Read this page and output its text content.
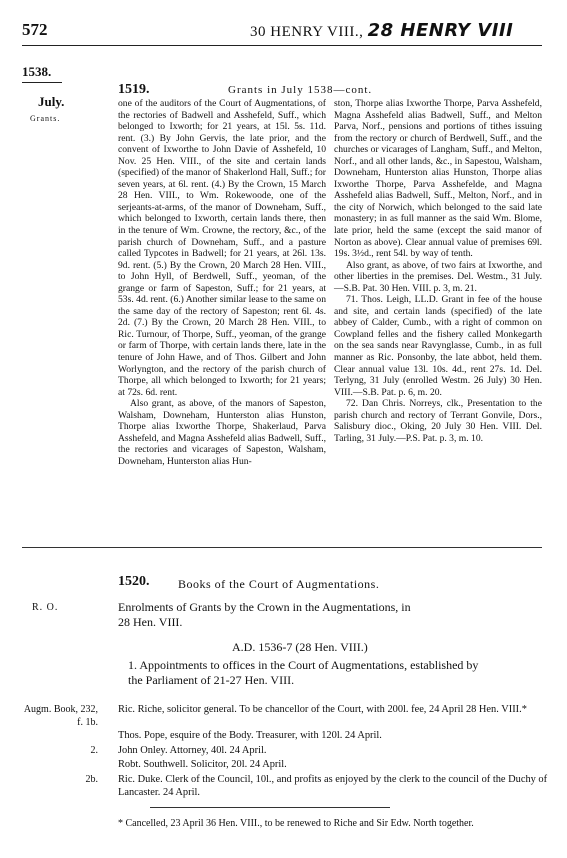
572	30 HENRY VIII., 28 HENRY VIII
1538.
July.
Grants.
1519.	Grants in July 1538—cont.

one of the auditors of the Court of Augmentations, of the rectories of Badwell and Asshefeld, Suff., which belonged to Ixworth; for 21 years, at 15l. 5s. 11d. rent. (3.) By John Gervis, the late prior, and the convent of Ixworthe to John Davie of Asshefeld, 10 Nov. 25 Hen. VIII., of the site and certain lands (specified) of the manor of Shakerlond Hall, Suff.; for seven years, at 6l. rent. (4.) By the Crown, 15 March 28 Hen. VIII., to Wm. Rokewoode, one of the serjeants-at-arms, of the manor of Downeham, Suff., which belonged to Ixworth, certain lands there, then in the tenure of Wm. Crowne, the rectory, &c., of the parish church of Downeham, Suff., and a pasture called Typcotes in Badwell; for 21 years, at 26l. 13s. 9d. rent. (5.) By the Crown, 20 March 28 Hen. VIII., to John Hyll, of Berdwell, Suff., yeoman, of the grange or farm of Sapeston, Suff.; for 21 years, at 53s. 4d. rent. (6.) Another similar lease to the same on the same day of the rectory of Sapeston; rent 6l. 4s. 2d. (7.) By the Crown, 20 March 28 Hen. VIII., to Ric. Turnour, of Thorpe, Suff., yeoman, of the grange or farm of Thorpe, with certain lands there, late in the tenure of John Hawe, and of Thos. Gilbert and John Worlyngton, and the rectory of the parish church of Thorpe, all which belonged to Ixworth; for 21 years; at 72s. 6d. rent.

Also grant, as above, of the manors of Sapeston, Walsham, Downeham, Hunterston alias Hunston, Thorpe alias Ixworthe Thorpe, Shakerlaud, Parva Asshefeld, and Magna Asshefeld alias Badwell, Suff., the rectories and vicarages of Sapeston, Walsham, Downeham, Hunterston alias Hun-

ston, Thorpe alias Ixworthe Thorpe, Parva Asshefeld, Magna Asshefeld alias Badwell, Suff., and Melton Parva, Norf., pensions and portions of tithes issuing from the rectory or church of Berdwell, Suff., and the churches or vicarages of Langham, Suff., and Melton, Norf., and all other lands, &c., in Sapestou, Walsham, Downeham, Hunterston alias Hunston, Thorpe alias Ixworthe Thorpe, Parva Asshefelde, and Magna Asshefeld alias Badwell, Suff., Melton, Norf., and in the city of Norwich, which belonged to the said late monastery; in as full manner as the said Wm. Blome, late prior, held the same (except the said manor of Norton as above). Clear annual value of premises 69l. 19s. 3½d., rent 54l. by way of tenth.

Also grant, as above, of two fairs at Ixworthe, and other liberties in the premises. Del. Westm., 31 July.—S.B. Pat. 30 Hen. VIII. p. 3, m. 21.

71. Thos. Leigh, LL.D. Grant in fee of the house and site, and certain lands (specified) of the late abbey of Calder, Cumb., with a right of common on Cowpland felles and the fishery called Monkegarth on the sea sands near Ravynglasse, Cumb., in as full manner as Ric. Ponsonby, the late abbot, held them. Clear annual value 13l. 10s. 4d., rent 27s. 1d. Del. Terlyng, 31 July (enrolled Westm. 26 July) 30 Hen. VIII.—S.B. Pat. p. 6, m. 20.

72. Dan Chris. Norreys, clk., Presentation to the parish church and rectory of Terrant Gonvile, Dors., Salisbury dioc., Oking, 20 July 30 Hen. VIII. Del. Tarling, 31 July.—P.S. Pat. p. 3, m. 10.

1520. Books of the Court of Augmentations.
R. O.	Enrolments of Grants by the Crown in the Augmentations, in
28 Hen. VIII.
A.D. 1536-7 (28 Hen. VIII.)
1. Appointments to offices in the Court of Augmentations, established by
the Parliament of 21-27 Hen. VIII.
Augm. Book, 232, f. 1b.
Ric. Riche, solicitor general. To be chancellor of the Court, with 200l. fee, 24 April 28 Hen. VIII.*
Thos. Pope, esquire of the Body. Treasurer, with 120l. 24 April.
2. John Onley. Attorney, 40l. 24 April.
Robt. Southwell. Solicitor, 20l. 24 April.
2b. Ric. Duke. Clerk of the Council, 10l., and profits as enjoyed by the clerk to the council of the Duchy of Lancaster. 24 April.
* Cancelled, 23 April 36 Hen. VIII., to be renewed to Riche and Sir Edw. North together.
